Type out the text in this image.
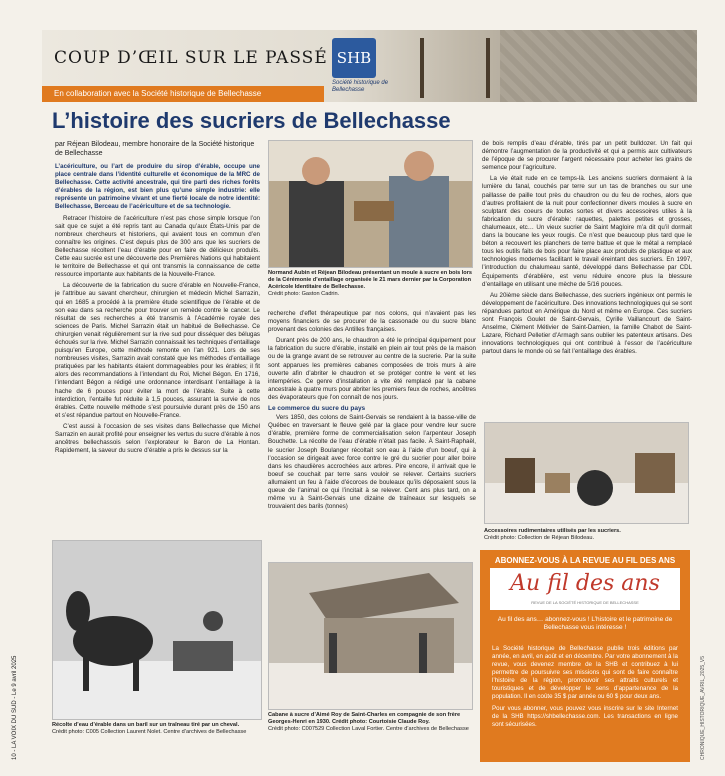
COUP D’ŒIL SUR LE PASSÉ SHB
Société historique de Bellechasse
En collaboration avec la Société historique de Bellechasse
L’histoire des sucriers de Bellechasse
par Réjean Bilodeau, membre honoraire de la Société historique de Bellechasse

L’acériculture, ou l’art de produire du sirop d’érable, occupe une place centrale dans l’identité culturelle et économique de la MRC de Bellechasse. Cette activité ancestrale, qui tire parti des riches forêts d’érables de la région, est bien plus qu’une simple industrie: elle représente un patrimoine vivant et une fierté locale de notre identité: Bellechasse, Berceau de l’acériculture et de sa technologie.

Retracer l’histoire de l’acériculture n’est pas chose simple lorsque l’on sait que ce sujet a été repris tant au Canada qu’aux États-Unis par de nombreux chercheurs et historiens, qui avaient tous en commun d’en connaître les origines. C’est depuis plus de 300 ans que les sucriers de Bellechasse récoltent l’eau d’érable pour en faire de délicieux produits. Cette eau sucrée est une découverte des Premières Nations qui habitaient le territoire de Bellechasse et qui ont transmis la connaissance de cette ressource importante aux habitants de la Nouvelle-France.

La découverte de la fabrication du sucre d’érable en Nouvelle-France, je l’attribue au savant chercheur, chirurgien et médecin Michel Sarrazin, qui en 1685 a procédé à la première étude scientifique de l’érable et de son eau dans sa recherche pour trouver un remède contre le cancer. Le résultat de ses recherches a été transmis à l’Académie royale des sciences de Paris. Michel Sarrazin était un habitué de Bellechasse. Ce chirurgien venait régulièrement sur la rive sud pour disséquer des bélugas échoués sur la rive. Michel Sarrazin connaissait les techniques d’entaillage puisqu’en Europe, cette méthode remonte en l’an 921. Lors de ses nombreuses visites, Sarrazin avait constaté que les méthodes d’entaillage pratiquées par les habitants étaient dommageables pour les érables; il fit alors des recommandations à l’intendant du Roi, Michel Bégon. En 1716, l’intendant Bégon a rédigé une ordonnance interdisant l’entaillage à la hache de 6 pouces pour éviter la mort de l’érable. Suite à cette interdiction, l’entaille fut réduite à 1,5 pouces, assurant la survie de nos érables. Cette nouvelle méthode s’est poursuivie durant près de 150 ans et s’est répandue partout en Nouvelle-France.

C’est aussi à l’occasion de ses visites dans Bellechasse que Michel Sarrazin en aurait profité pour enseigner les vertus du sucre d’érable à nos ancêtres bellechassois selon l’explorateur le Baron de La Hontan. Rapidement, la saveur du sucre d’érable a pris le dessus sur la

Récolte d’eau d’érable dans un baril sur un traîneau tiré par un cheval.
Crédit photo: C005 Collection Laurent Nolet. Centre d’archives de Bellechasse
Normand Aubin et Réjean Bilodeau présentant un moule à sucre en bois lors de la Cérémonie d’entaillage organisée le 21 mars dernier par la Corporation Acéricole Identitaire de Bellechasse.
Crédit photo: Gaston Cadrin.

recherche d’effet thérapeutique par nos colons, qui n’avaient pas les moyens financiers de se procurer de la cassonade ou du sucre blanc provenant des colonies des Antilles françaises.

Durant près de 200 ans, le chaudron a été le principal équipement pour la fabrication du sucre d’érable, installé en plein air tout près de la maison ou de la grange avant de se retrouver au centre de la sucrerie. Par la suite sont apparues les premières cabanes composées de trois murs à aire ouverte afin d’abriter le chaudron et se protéger contre le vent et les intempéries. Ce genre d’installation a vite été remplacé par la cabane ancestrale à quatre murs pour abriter les premiers feux de roches, ancêtres des évaporateurs que l’on connaît de nos jours.

Le commerce du sucre du pays

Vers 1850, des colons de Saint-Gervais se rendaient à la basse-ville de Québec en traversant le fleuve gelé par la glace pour vendre leur sucre d’érable, première forme de commercialisation selon l’arpenteur Joseph Bouchette. La récolte de l’eau d’érable n’était pas facile. À Saint-Raphaël, le sucrier Joseph Boulanger récoltait son eau à l’aide d’un boeuf, qui à l’occasion se dirigeait avec force contre le gré du sucrier pour aller boire dans les chaudières accrochées aux arbres. Pire encore, il arrivait que le boeuf se couchait par terre sans vouloir se relever. Certains sucriers allumaient un feu à l’aide d’écorces de bouleaux qu’ils déposaient sous la queue de l’animal ce qui l’incitait à se relever. Cent ans plus tard, on a même vu à Saint-Gervais une dizaine de traîneaux sur lesquels se trouvaient des barils (tonnes)

Cabane à sucre d’Aimé Roy de Saint-Charles en compagnie de son frère Georges-Henri en 1930. Crédit photo: Courtoisie Claude Roy.
Crédit photo: C007529 Collection Laval Fortier. Centre d’archives de Bellechasse

de bois remplis d’eau d’érable, tirés par un petit bulldozer. Un fait qui démontre l’augmentation de la productivité et qui a permis aux cultivateurs de l’époque de se procurer l’argent nécessaire pour acheter les grains de semence pour l’agriculture.

La vie était rude en ce temps-là. Les anciens sucriers dormaient à la lumière du fanal, couchés par terre sur un tas de branches ou sur une paillasse de paille tout près du chaudron ou du feu de roches, alors que d’autres profitaient de la nuit pour confectionner divers moules à sucre en sculptant des coeurs de toutes sortes et divers accessoires utiles à la fabrication du sucre d’érable: raquettes, palettes petites et grosses, chalumeaux, etc… Un vieux sucrier de Saint Magloire m’a dit qu’il dormait dans la boucane les yeux rougis. Ce n’est que beaucoup plus tard que le béton a recouvert les planchers de terre battue et que le métal a remplacé tous les outils faits de bois pour faire place aux produits de plastique et aux technologies modernes facilitant le travail éreintant des sucriers. En 1997, l’introduction du chalumeau santé, développé dans Bellechasse par CDL Équipements d’érablière, est venu réduire encore plus la blessure d’entaillage en utilisant une mèche de 5/16 pouces.

Au 20ième siècle dans Bellechasse, des sucriers ingénieux ont permis le développement de l’acériculture. Des innovations technologiques qui se sont répandues partout en Amérique du Nord et même en Europe. Ces sucriers sont François Goulet de Saint-Gervais, Cyrille Vaillancourt de Saint-Anselme, Clément Métivier de Saint-Damien, la famille Chabot de Saint-Lazare, Richard Pelletier d’Armagh sans oublier les patenteux artisans. Des innovations technologiques qui ont contribué à l’essor de l’acériculture partout dans le monde où se fait l’entaillage des érables.

Accessoires rudimentaires utilisés par les sucriers.
Crédit photo: Collection de Réjean Bilodeau.
ABONNEZ-VOUS À LA REVUE AU FIL DES ANS
Au fil des ans
REVUE DE LA SOCIÉTÉ HISTORIQUE DE BELLECHASSE
Au fil des ans… abonnez-vous ! L’histoire et le patrimoine de Bellechasse vous intéresse !

La Société historique de Bellechasse publie trois éditions par année, en avril, en août et en décembre. Par votre abonnement à la revue, vous devenez membre de la SHB et contribuez à lui permettre de poursuivre ses missions qui sont de faire connaître l’histoire de la région, promouvoir ses attraits culturels et touristiques et de développer le sens d’appartenance de la population. Il en coûte 35 $ par année ou 60 $ pour deux ans.

Pour vous abonner, vous pouvez vous inscrire sur le site Internet de la SHB https://shbellechasse.com. Les transactions en ligne sont sécurisées.

10 - LA VOIX DU SUD - Le 9 avril 2025	CHRONIQUE_HISTORIQUE_AVRIL_2025_V5
